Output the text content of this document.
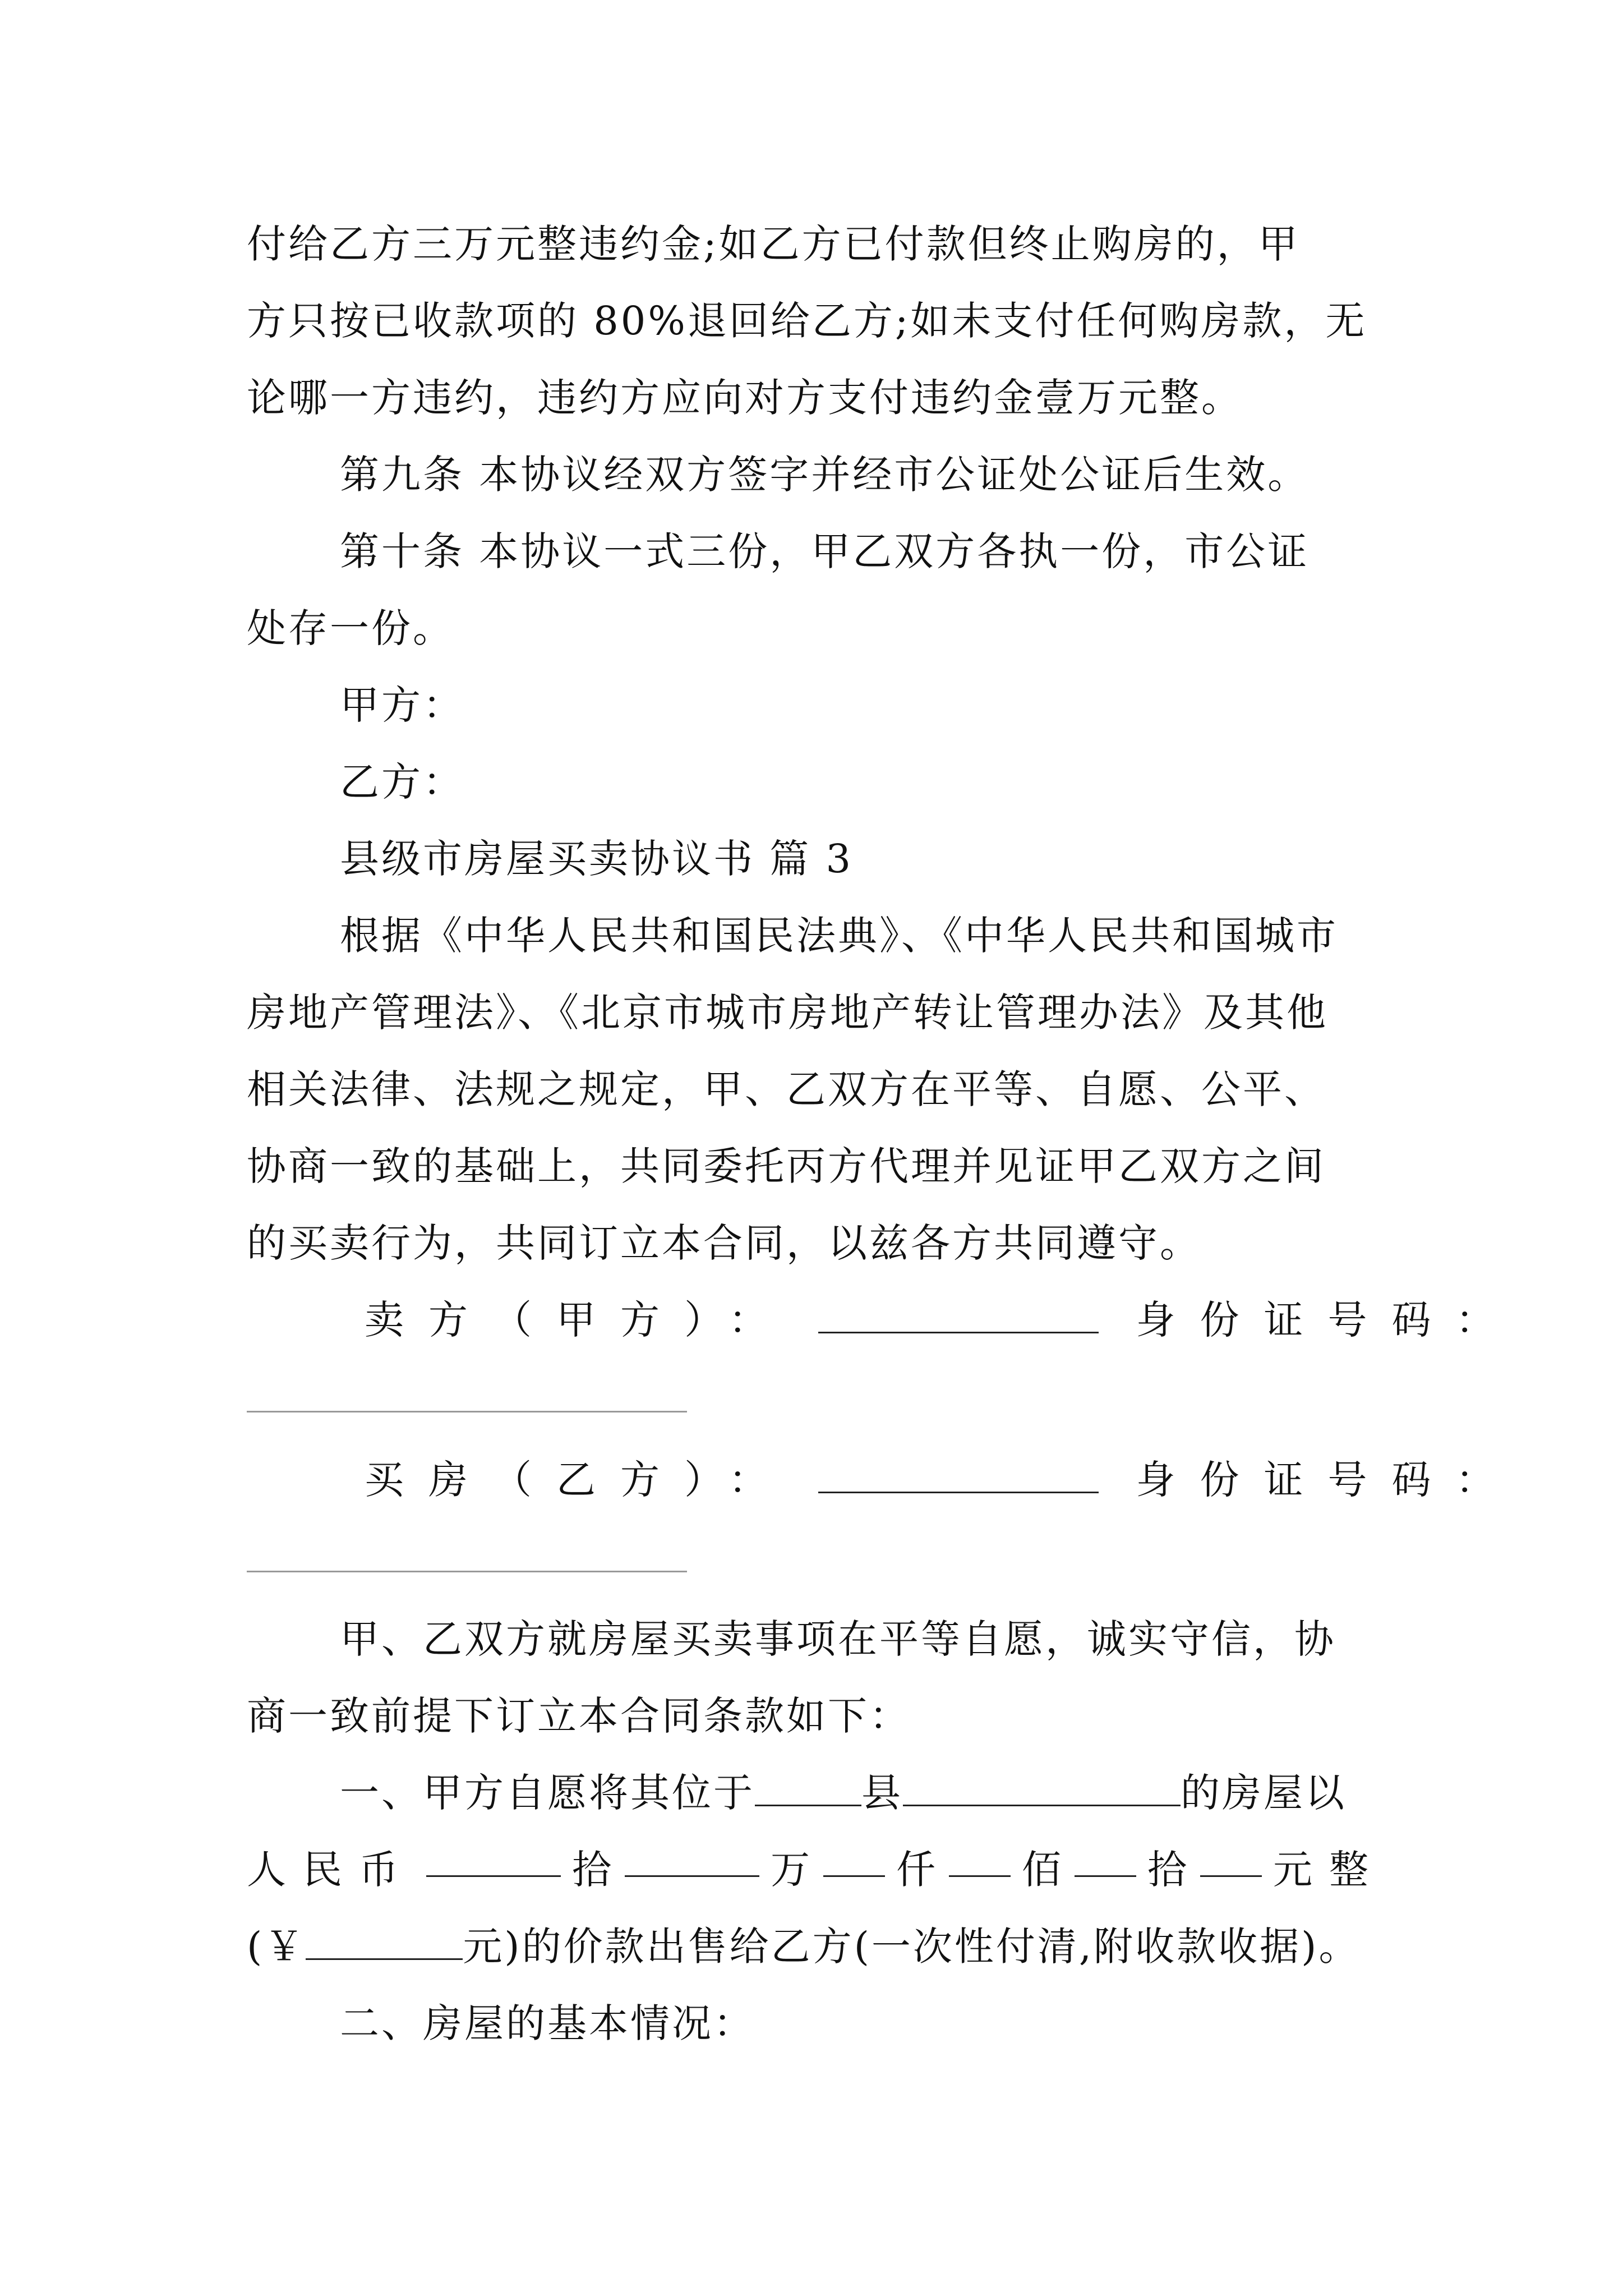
付给乙方三万元整违约金;如乙方已付款但终止购房的，甲
方只按已收款项的 80%退回给乙方;如未支付任何购房款，无
论哪一方违约，违约方应向对方支付违约金壹万元整。
第九条 本协议经双方签字并经市公证处公证后生效。
第十条 本协议一式三份，甲乙双方各执一份，市公证
处存一份。
甲方：
乙方：
县级市房屋买卖协议书 篇 3
根据《中华人民共和国民法典》、《中华人民共和国城市
房地产管理法》、《北京市城市房地产转让管理办法》及其他
相关法律、法规之规定，甲、乙双方在平等、自愿、公平、
协商一致的基础上，共同委托丙方代理并见证甲乙双方之间
的买卖行为，共同订立本合同，以兹各方共同遵守。
卖方（甲方）：	身份证号码：
买房（乙方）：	身份证号码：
甲、乙双方就房屋买卖事项在平等自愿，诚实守信，协
商一致前提下订立本合同条款如下：
一、甲方自愿将其位于	县	的房屋以
人民币	拾	万 仟 佰 拾 元整
(￥	元)的价款出售给乙方(一次性付清,附收款收据)。
二、房屋的基本情况：
